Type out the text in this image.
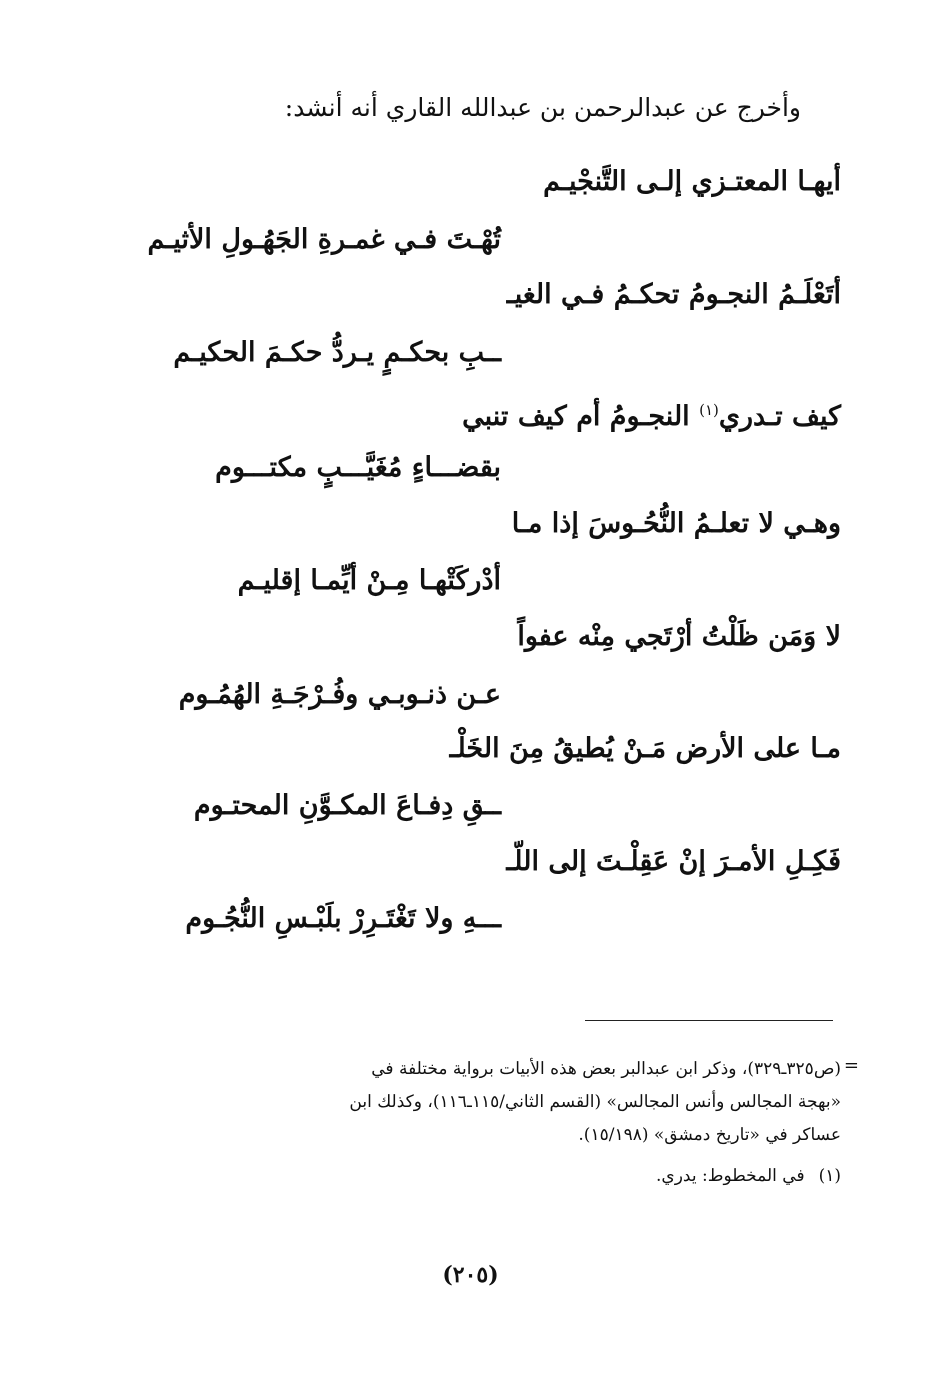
وأخرج عن عبدالرحمن بن عبدالله القاري أنه أنشد:
أيهـا المعتـزي إلـى التَّنجْيـم
تُهْـتَ فـي غمـرةِ الجَهُـولِ الأثيـم
أتَعْلَـمُ النجـومُ تحكـمُ فـي الغيـ
ــبِ بحكـمٍ يـردُّ حكـمَ الحكيـم
كيف تـدري$^{(١)}$ النجـومُ أم كيف تنبي
بقضـــاءٍ مُغَيَّـــبٍ مكتـــوم
وهـي لا تعلـمُ النُّحُـوسَ إذا مـا
أدْركَتْهـا مِـنْ أيِّمـا إقليـم
لا وَمَن ظَلْتُ أرْتَجي مِنْه عفواً
عـن ذنـوبـي وفُـرْجَـةِ الهُمُـوم
مـا على الأرض مَـنْ يُطيقُ مِنَ الخَلْـ
ــقِ دِفـاعَ المكـوَّنِ المحتـوم
فَكِـلِ الأمـرَ إنْ عَقِلْـتَ إلى اللّـ
ـــهِ ولا تَغْتَـرِرْ بلَبْـسِ النُّجُـوم
=
(ص٣٢٥ـ٣٢٩)، وذكر ابن عبدالبر بعض هذه الأبيات برواية مختلفة في
«بهجة المجالس وأنس المجالس» (القسم الثاني/١١٥ـ١١٦)، وكذلك ابن
عساكر في «تاريخ دمشق» (١٥/١٩٨).
(١)في المخطوط: يدري.
(٢٠٥)
